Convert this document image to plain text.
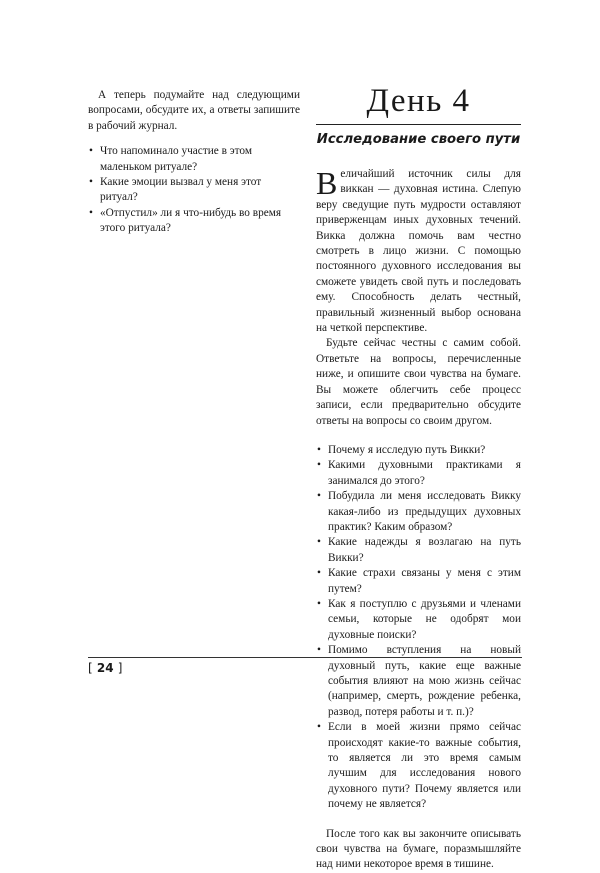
А теперь подумайте над следующими вопросами, обсудите их, а ответы запишите в рабочий журнал.

• Что напоминало участие в этом маленьком ритуале?
• Какие эмоции вызвал у меня этот ритуал?
• «Отпустил» ли я что-нибудь во время этого ритуала?
День 4
Исследование своего пути

Величайший источник силы для виккан — духовная истина. Слепую веру сведущие путь мудрости оставляют приверженцам иных духовных течений. Викка должна помочь вам честно смотреть в лицо жизни. С помощью постоянного духовного исследования вы сможете увидеть свой путь и последовать ему. Способность делать честный, правильный жизненный выбор основана на четкой перспективе.

Будьте сейчас честны с самим собой. Ответьте на вопросы, перечисленные ниже, и опишите свои чувства на бумаге. Вы можете облегчить себе процесс записи, если предварительно обсудите ответы на вопросы со своим другом.

• Почему я исследую путь Викки?
• Какими духовными практиками я занимался до этого?
• Побудила ли меня исследовать Викку какая-либо из предыдущих духовных практик? Каким образом?
• Какие надежды я возлагаю на путь Викки?
• Какие страхи связаны у меня с этим путем?
• Как я поступлю с друзьями и членами семьи, которые не одобрят мои духовные поиски?
• Помимо вступления на новый духовный путь, какие еще важные события влияют на мою жизнь сейчас (например, смерть, рождение ребенка, развод, потеря работы и т. п.)?
• Если в моей жизни прямо сейчас происходят какие-то важные события, то является ли это время самым лучшим для исследования нового духовного пути? Почему является или почему не является?

После того как вы закончите описывать свои чувства на бумаге, поразмышляйте над ними некоторое время в тишине.

[ 24 ]
